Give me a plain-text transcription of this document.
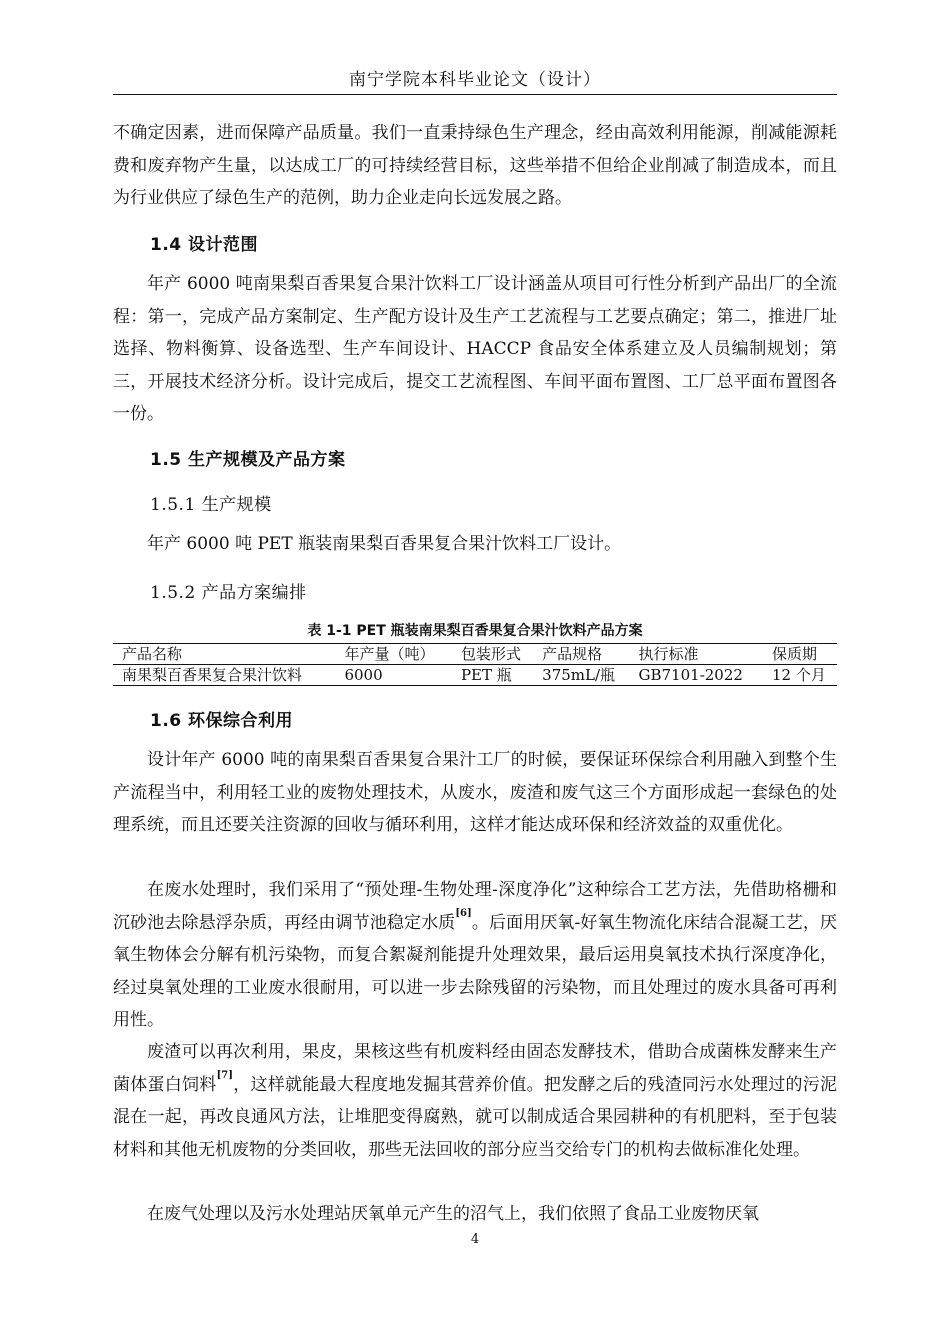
南宁学院本科毕业论文（设计）

不确定因素，进而保障产品质量。我们一直秉持绿色生产理念，经由高效利用能源，削减能源耗费和废弃物产生量，以达成工厂的可持续经营目标，这些举措不但给企业削减了制造成本，而且为行业供应了绿色生产的范例，助力企业走向长远发展之路。

1.4 设计范围

年产 6000 吨南果梨百香果复合果汁饮料工厂设计涵盖从项目可行性分析到产品出厂的全流程：第一，完成产品方案制定、生产配方设计及生产工艺流程与工艺要点确定；第二，推进厂址选择、物料衡算、设备选型、生产车间设计、HACCP 食品安全体系建立及人员编制规划；第三，开展技术经济分析。设计完成后，提交工艺流程图、车间平面布置图、工厂总平面布置图各一份。

1.5 生产规模及产品方案
1.5.1 生产规模

年产 6000 吨 PET 瓶装南果梨百香果复合果汁饮料工厂设计。

1.5.2 产品方案编排
表 1-1 PET 瓶装南果梨百香果复合果汁饮料产品方案
产品名称	年产量（吨）	包装形式	产品规格	执行标准	保质期
南果梨百香果复合果汁饮料	6000	PET 瓶	375mL/瓶	GB7101-2022	12 个月
1.6 环保综合利用

设计年产 6000 吨的南果梨百香果复合果汁工厂的时候，要保证环保综合利用融入到整个生产流程当中，利用轻工业的废物处理技术，从废水，废渣和废气这三个方面形成起一套绿色的处理系统，而且还要关注资源的回收与循环利用，这样才能达成环保和经济效益的双重优化。

在废水处理时，我们采用了“预处理-生物处理-深度净化”这种综合工艺方法，先借助格栅和沉砂池去除悬浮杂质，再经由调节池稳定水质[6]。后面用厌氧-好氧生物流化床结合混凝工艺，厌氧生物体会分解有机污染物，而复合絮凝剂能提升处理效果，最后运用臭氧技术执行深度净化，经过臭氧处理的工业废水很耐用，可以进一步去除残留的污染物，而且处理过的废水具备可再利用性。

废渣可以再次利用，果皮，果核这些有机废料经由固态发酵技术，借助合成菌株发酵来生产菌体蛋白饲料[7]，这样就能最大程度地发掘其营养价值。把发酵之后的残渣同污水处理过的污泥混在一起，再改良通风方法，让堆肥变得腐熟，就可以制成适合果园耕种的有机肥料，至于包装材料和其他无机废物的分类回收，那些无法回收的部分应当交给专门的机构去做标准化处理。

在废气处理以及污水处理站厌氧单元产生的沼气上，我们依照了食品工业废物厌氧

4
